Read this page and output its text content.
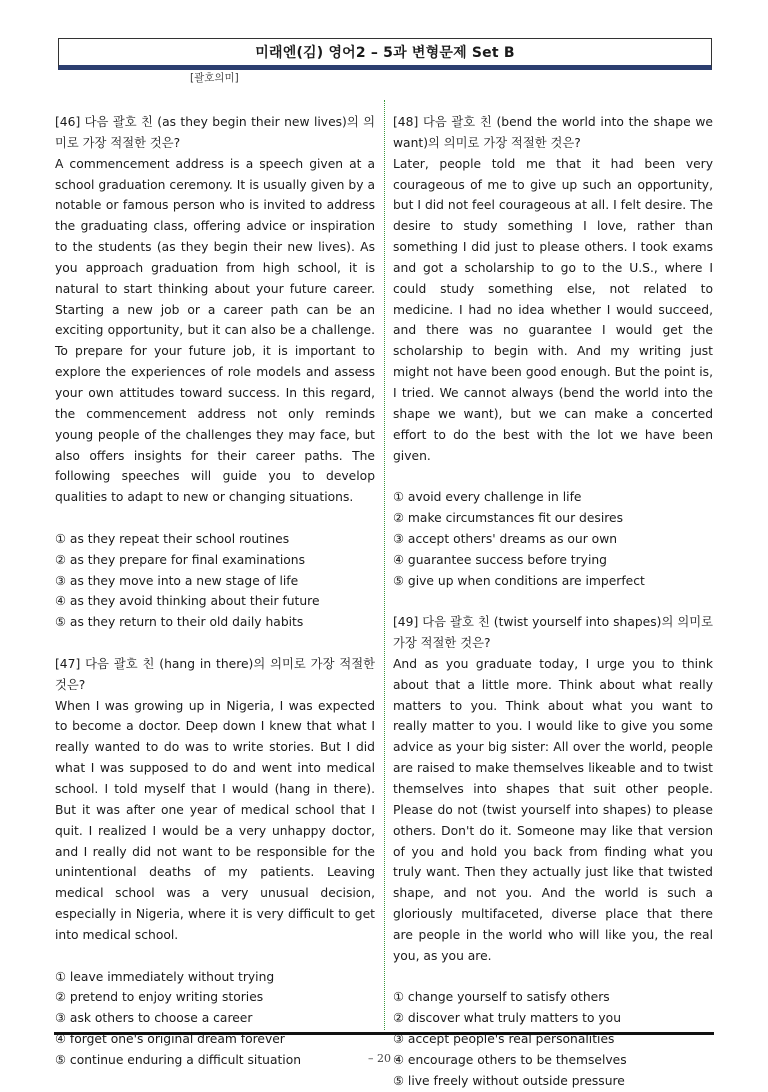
미래엔(김) 영어2 – 5과 변형문제 Set B
[괄호의미]
[46] 다음 괄호 친 (as they begin their new lives)의 의미로 가장 적절한 것은?
A commencement address is a speech given at a school graduation ceremony. It is usually given by a notable or famous person who is invited to address the graduating class, offering advice or inspiration to the students (as they begin their new lives). As you approach graduation from high school, it is natural to start thinking about your future career. Starting a new job or a career path can be an exciting opportunity, but it can also be a challenge. To prepare for your future job, it is important to explore the experiences of role models and assess your own attitudes toward success. In this regard, the commencement address not only reminds young people of the challenges they may face, but also offers insights for their career paths. The following speeches will guide you to develop qualities to adapt to new or changing situations.
① as they repeat their school routines
② as they prepare for final examinations
③ as they move into a new stage of life
④ as they avoid thinking about their future
⑤ as they return to their old daily habits
[47] 다음 괄호 친 (hang in there)의 의미로 가장 적절한 것은?
When I was growing up in Nigeria, I was expected to become a doctor. Deep down I knew that what I really wanted to do was to write stories. But I did what I was supposed to do and went into medical school. I told myself that I would (hang in there). But it was after one year of medical school that I quit. I realized I would be a very unhappy doctor, and I really did not want to be responsible for the unintentional deaths of my patients. Leaving medical school was a very unusual decision, especially in Nigeria, where it is very difficult to get into medical school.
① leave immediately without trying
② pretend to enjoy writing stories
③ ask others to choose a career
④ forget one's original dream forever
⑤ continue enduring a difficult situation
[48] 다음 괄호 친 (bend the world into the shape we want)의 의미로 가장 적절한 것은?
Later, people told me that it had been very courageous of me to give up such an opportunity, but I did not feel courageous at all. I felt desire. The desire to study something I love, rather than something I did just to please others. I took exams and got a scholarship to go to the U.S., where I could study something else, not related to medicine. I had no idea whether I would succeed, and there was no guarantee I would get the scholarship to begin with. And my writing just might not have been good enough. But the point is, I tried. We cannot always (bend the world into the shape we want), but we can make a concerted effort to do the best with the lot we have been given.
① avoid every challenge in life
② make circumstances fit our desires
③ accept others' dreams as our own
④ guarantee success before trying
⑤ give up when conditions are imperfect
[49] 다음 괄호 친 (twist yourself into shapes)의 의미로 가장 적절한 것은?
And as you graduate today, I urge you to think about that a little more. Think about what really matters to you. Think about what you want to really matter to you. I would like to give you some advice as your big sister: All over the world, people are raised to make themselves likeable and to twist themselves into shapes that suit other people. Please do not (twist yourself into shapes) to please others. Don't do it. Someone may like that version of you and hold you back from finding what you truly want. Then they actually just like that twisted shape, and not you. And the world is such a gloriously multifaceted, diverse place that there are people in the world who will like you, the real you, as you are.
① change yourself to satisfy others
② discover what truly matters to you
③ accept people's real personalities
④ encourage others to be themselves
⑤ live freely without outside pressure
– 20 –
